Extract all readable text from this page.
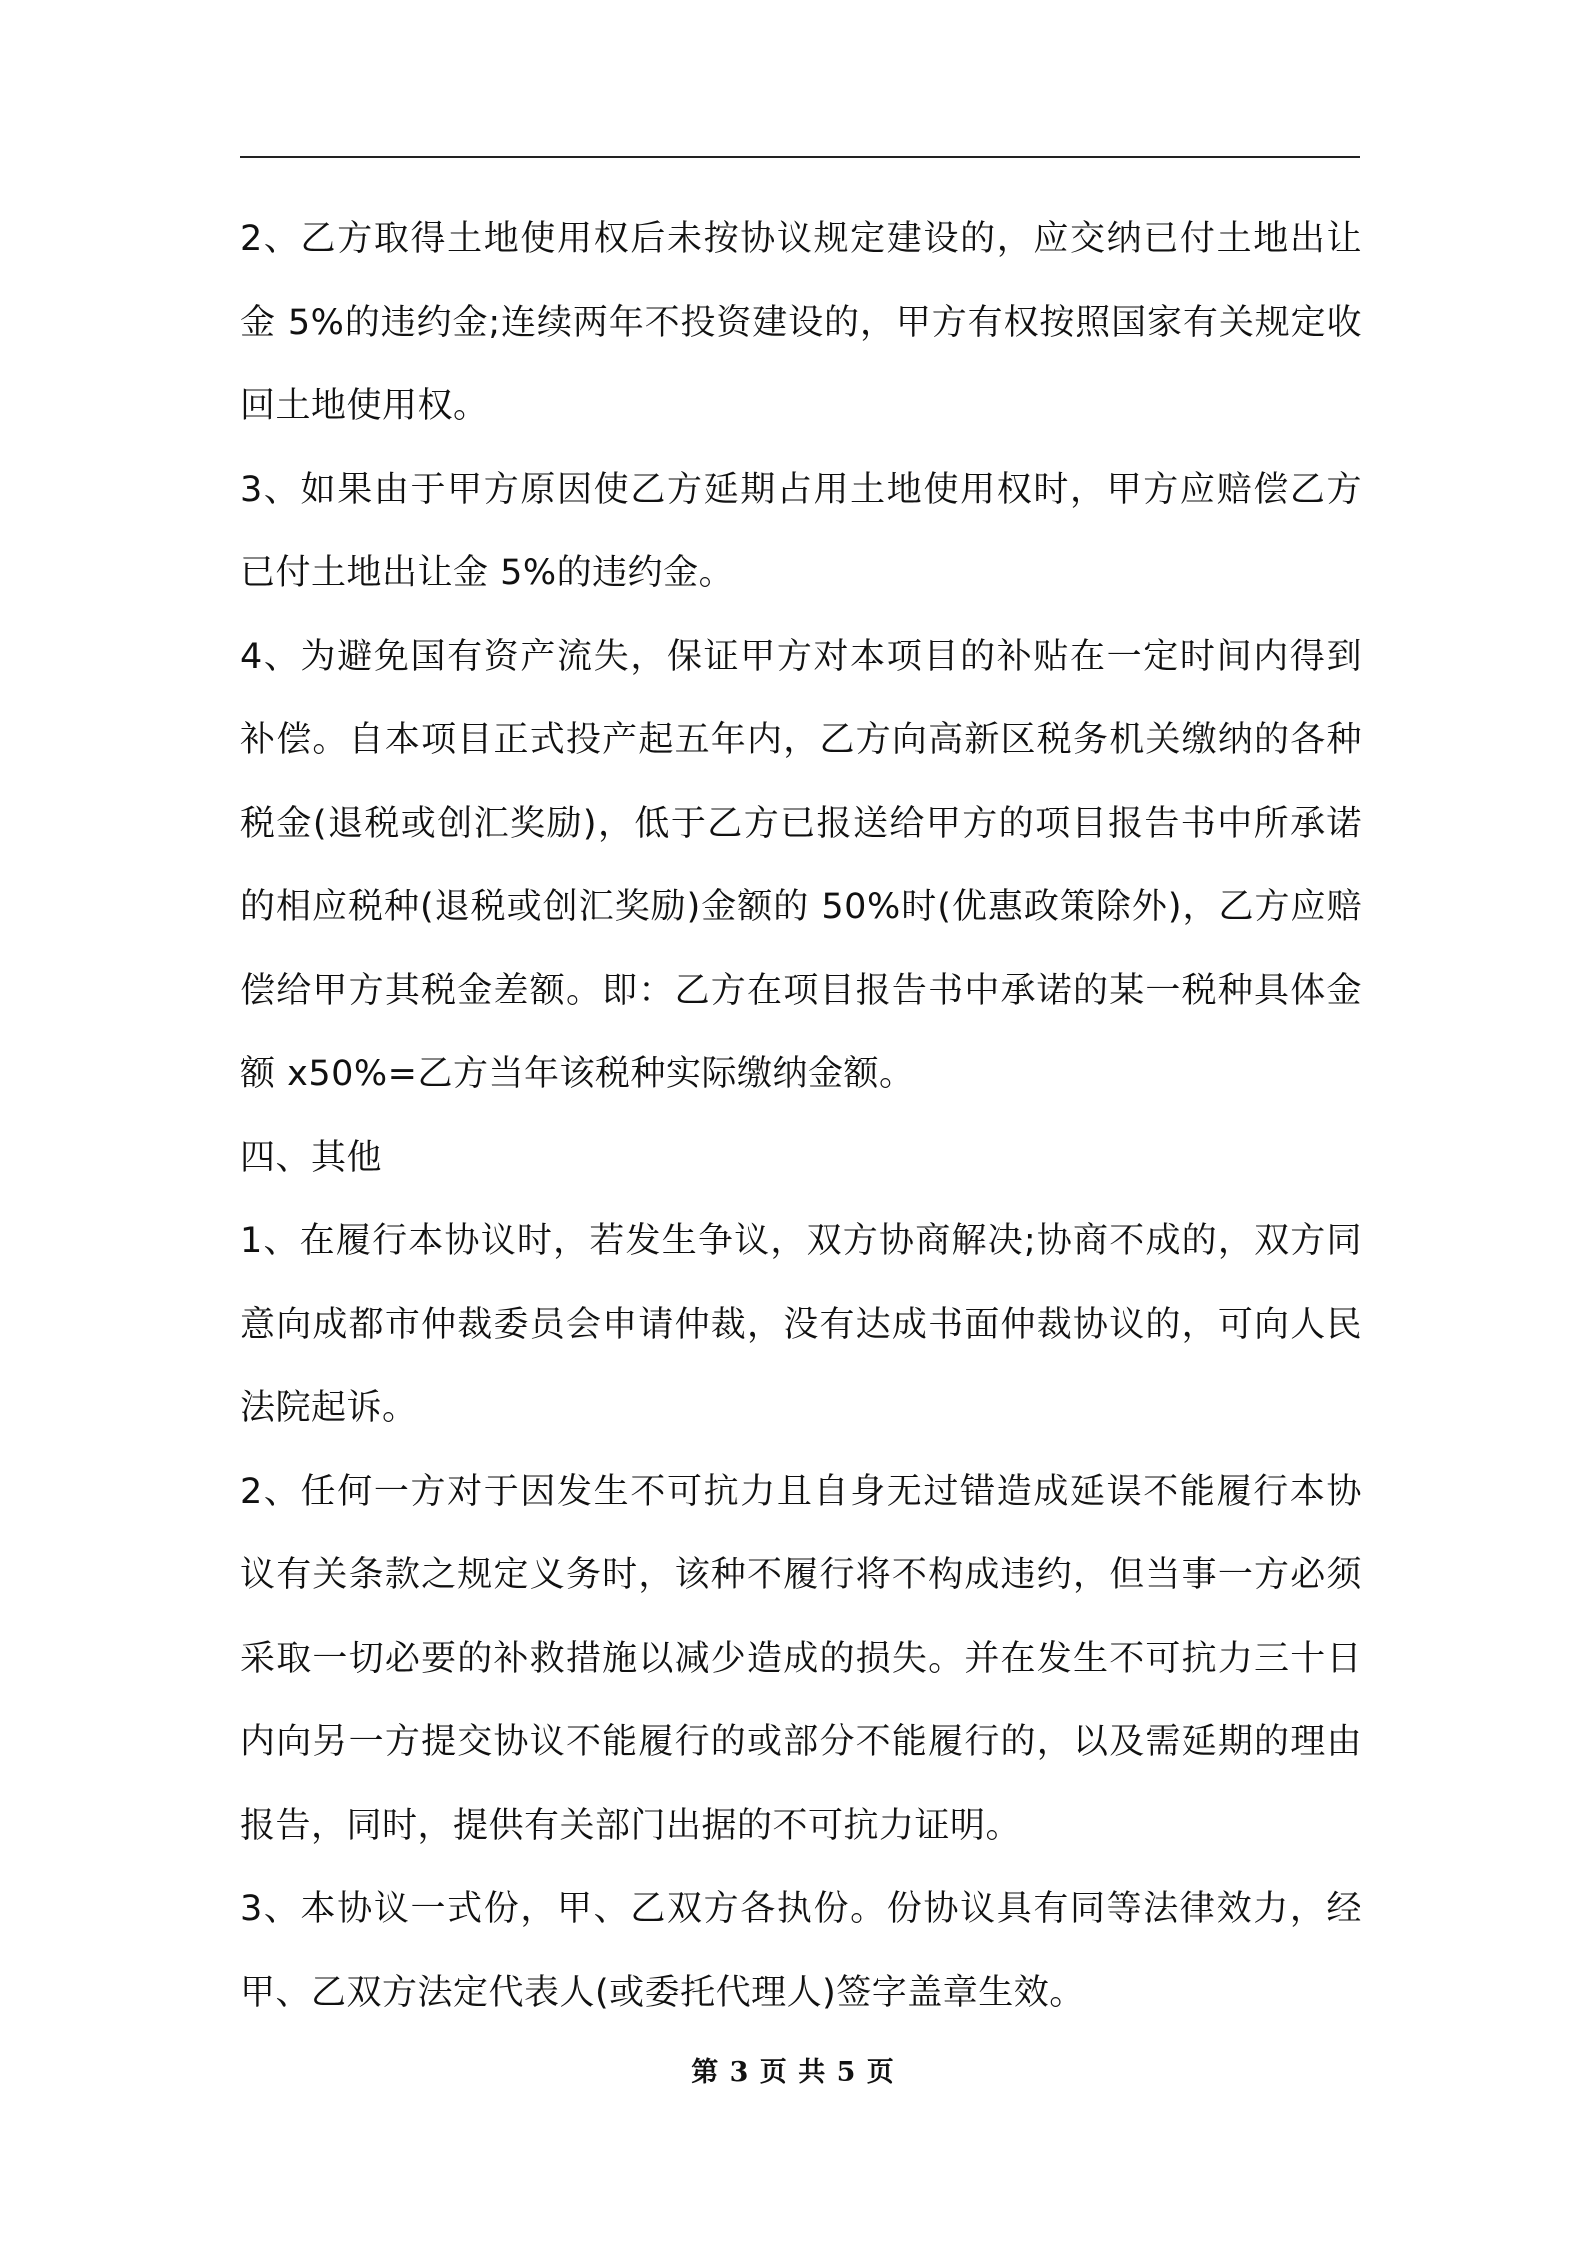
2、乙方取得土地使用权后未按协议规定建设的，应交纳已付土地出让金 5%的违约金;连续两年不投资建设的，甲方有权按照国家有关规定收回土地使用权。

3、如果由于甲方原因使乙方延期占用土地使用权时，甲方应赔偿乙方已付土地出让金 5%的违约金。

4、为避免国有资产流失，保证甲方对本项目的补贴在一定时间内得到补偿。自本项目正式投产起五年内，乙方向高新区税务机关缴纳的各种税金(退税或创汇奖励)，低于乙方已报送给甲方的项目报告书中所承诺的相应税种(退税或创汇奖励)金额的 50%时(优惠政策除外)，乙方应赔偿给甲方其税金差额。即：乙方在项目报告书中承诺的某一税种具体金额 x50%=乙方当年该税种实际缴纳金额。

四、其他

1、在履行本协议时，若发生争议，双方协商解决;协商不成的，双方同意向成都市仲裁委员会申请仲裁，没有达成书面仲裁协议的，可向人民法院起诉。

2、任何一方对于因发生不可抗力且自身无过错造成延误不能履行本协议有关条款之规定义务时，该种不履行将不构成违约，但当事一方必须采取一切必要的补救措施以减少造成的损失。并在发生不可抗力三十日内向另一方提交协议不能履行的或部分不能履行的，以及需延期的理由报告，同时，提供有关部门出据的不可抗力证明。

3、本协议一式份，甲、乙双方各执份。份协议具有同等法律效力，经甲、乙双方法定代表人(或委托代理人)签字盖章生效。

第 3 页 共 5 页
